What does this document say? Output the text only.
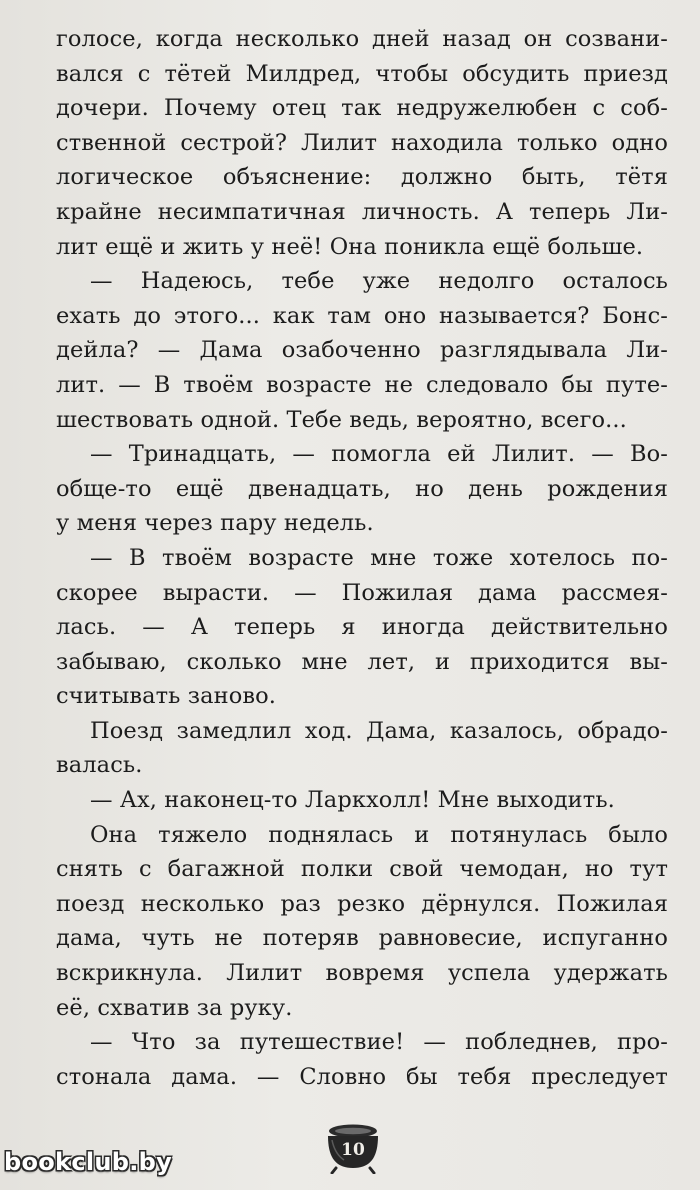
голосе, когда несколько дней назад он созвани-
вался с тётей Милдред, чтобы обсудить приезд
дочери. Почему отец так недружелюбен с соб-
ственной сестрой? Лилит находила только одно
логическое объяснение: должно быть, тётя
крайне несимпатичная личность. А теперь Ли-
лит ещё и жить у неё! Она поникла ещё больше.
— Надеюсь, тебе уже недолго осталось
ехать до этого... как там оно называется? Бонс-
дейла? — Дама озабоченно разглядывала Ли-
лит. — В твоём возрасте не следовало бы путе-
шествовать одной. Тебе ведь, вероятно, всего...
— Тринадцать, — помогла ей Лилит. — Во-
обще-то ещё двенадцать, но день рождения
у меня через пару недель.
— В твоём возрасте мне тоже хотелось по-
скорее вырасти. — Пожилая дама рассмея-
лась. — А теперь я иногда действительно
забываю, сколько мне лет, и приходится вы-
считывать заново.
Поезд замедлил ход. Дама, казалось, обрадо-
валась.
— Ах, наконец-то Ларкхолл! Мне выходить.
Она тяжело поднялась и потянулась было
снять с багажной полки свой чемодан, но тут
поезд несколько раз резко дёрнулся. Пожилая
дама, чуть не потеряв равновесие, испуганно
вскрикнула. Лилит вовремя успела удержать
её, схватив за руку.
— Что за путешествие! — побледнев, про-
стонала дама. — Словно бы тебя преследует
10
bookclub.by
